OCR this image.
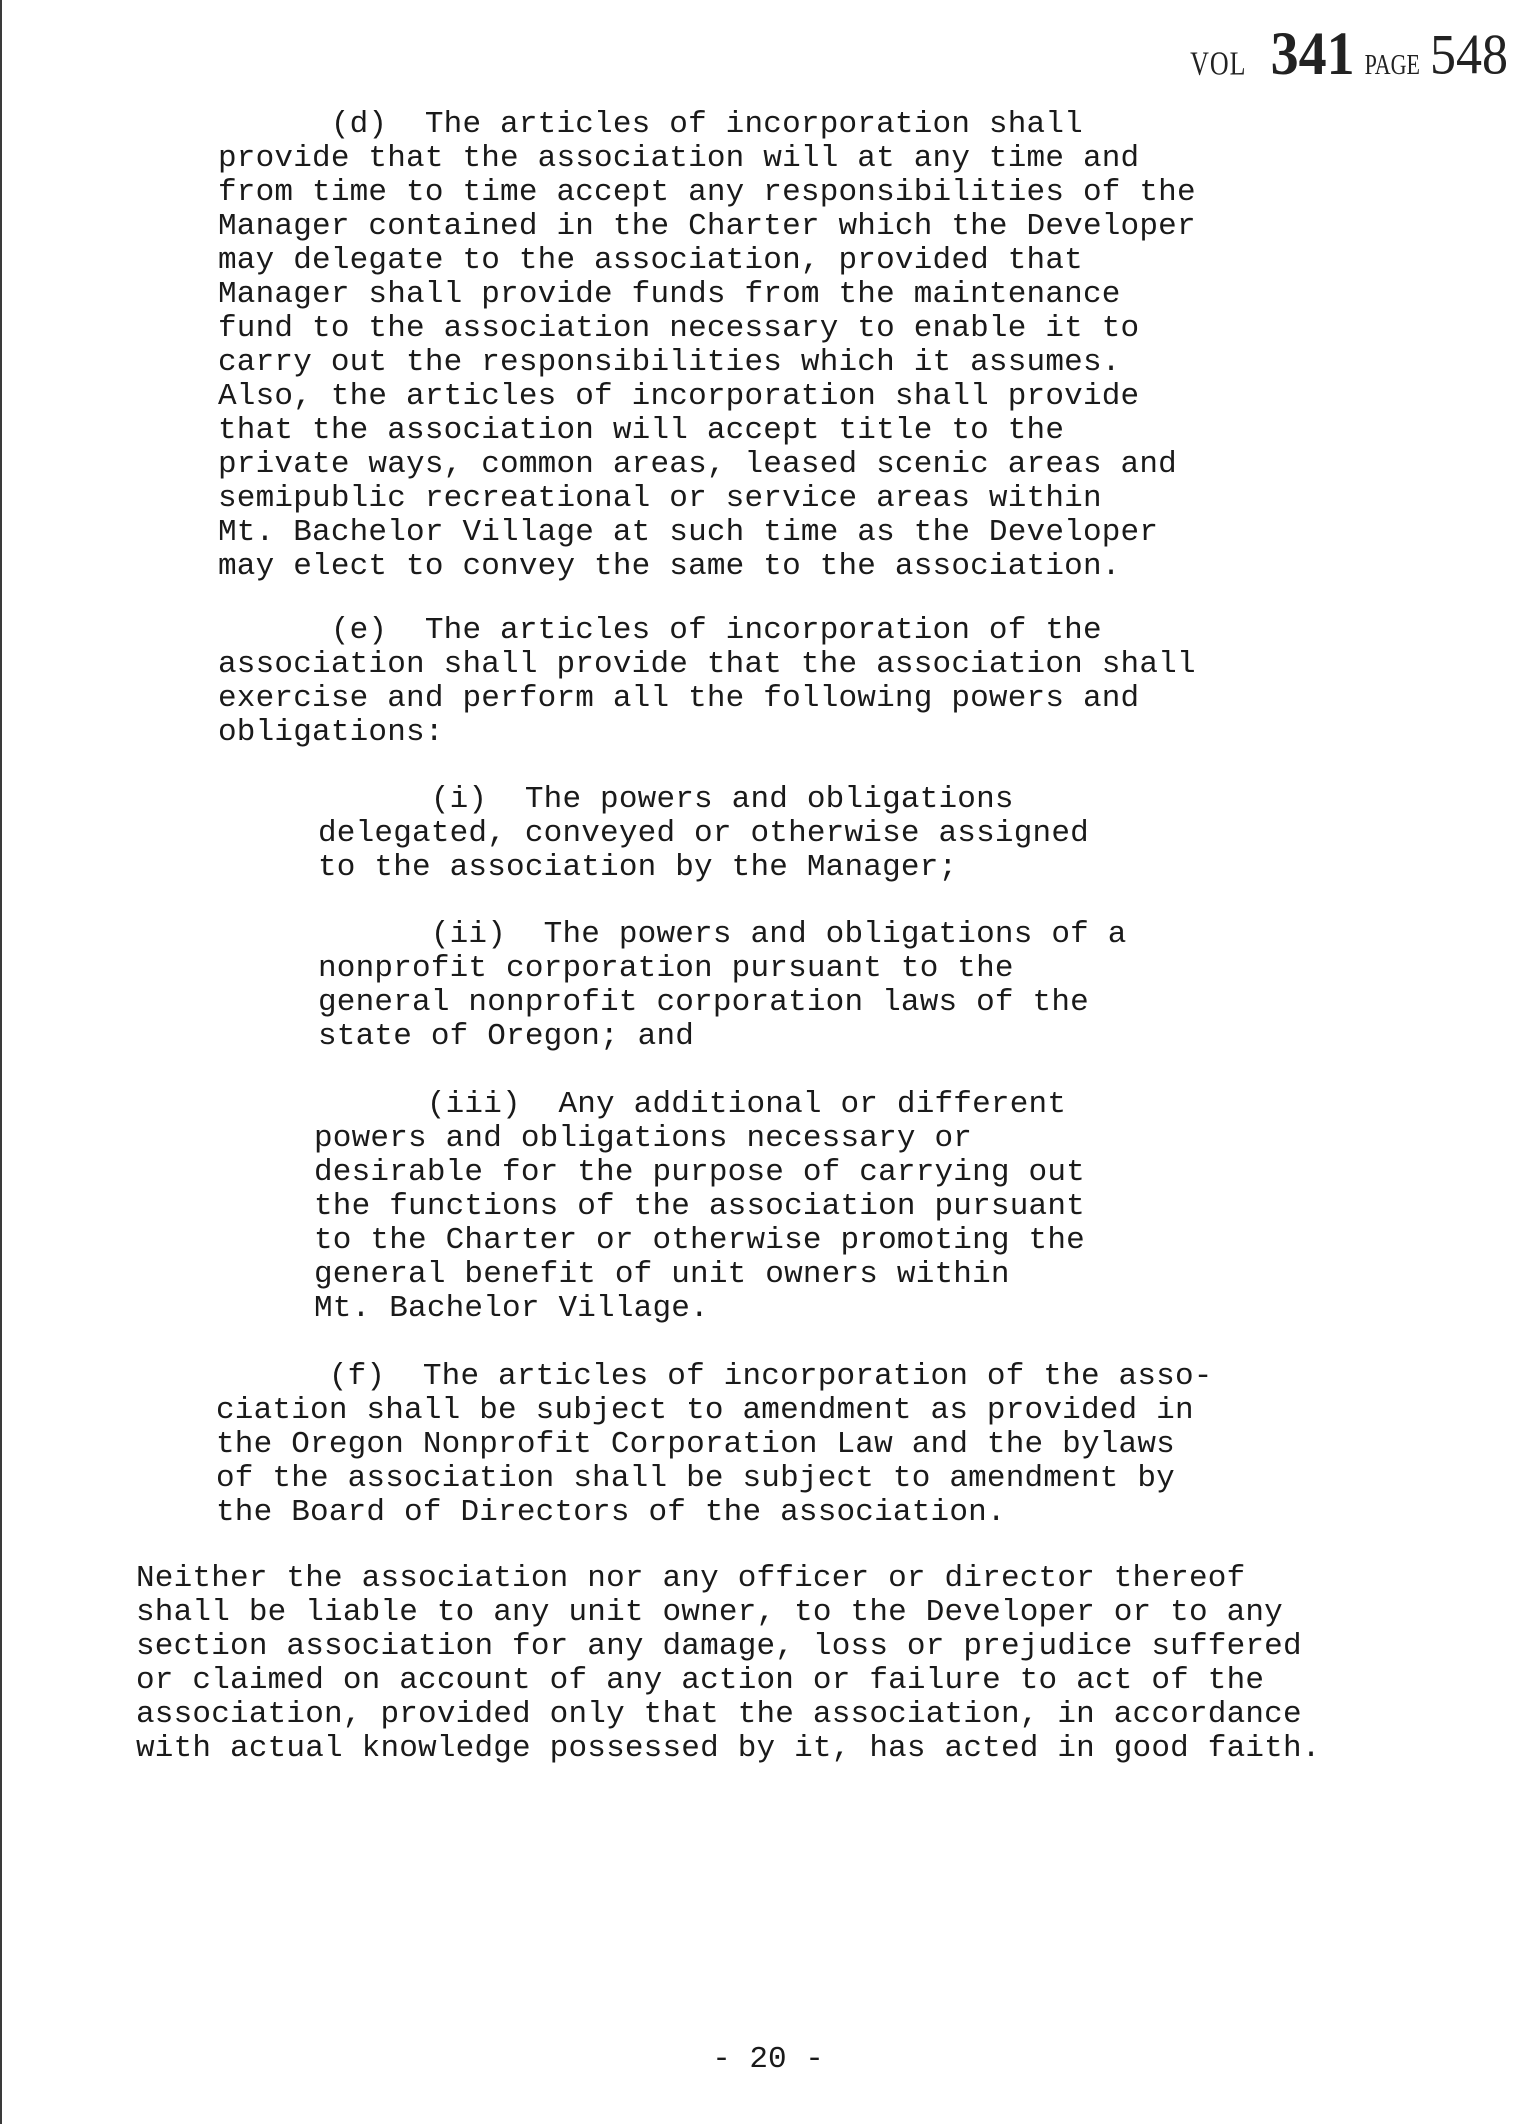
VOL 341 PAGE 548

(d)  The articles of incorporation shall
provide that the association will at any time and
from time to time accept any responsibilities of the
Manager contained in the Charter which the Developer
may delegate to the association, provided that
Manager shall provide funds from the maintenance
fund to the association necessary to enable it to
carry out the responsibilities which it assumes.
Also, the articles of incorporation shall provide
that the association will accept title to the
private ways, common areas, leased scenic areas and
semipublic recreational or service areas within
Mt. Bachelor Village at such time as the Developer
may elect to convey the same to the association.

(e)  The articles of incorporation of the
association shall provide that the association shall
exercise and perform all the following powers and
obligations:

(i)  The powers and obligations
delegated, conveyed or otherwise assigned
to the association by the Manager;

(ii)  The powers and obligations of a
nonprofit corporation pursuant to the
general nonprofit corporation laws of the
state of Oregon; and

(iii)  Any additional or different
powers and obligations necessary or
desirable for the purpose of carrying out
the functions of the association pursuant
to the Charter or otherwise promoting the
general benefit of unit owners within
Mt. Bachelor Village.

(f)  The articles of incorporation of the asso-
ciation shall be subject to amendment as provided in
the Oregon Nonprofit Corporation Law and the bylaws
of the association shall be subject to amendment by
the Board of Directors of the association.

Neither the association nor any officer or director thereof
shall be liable to any unit owner, to the Developer or to any
section association for any damage, loss or prejudice suffered
or claimed on account of any action or failure to act of the
association, provided only that the association, in accordance
with actual knowledge possessed by it, has acted in good faith.

- 20 -
